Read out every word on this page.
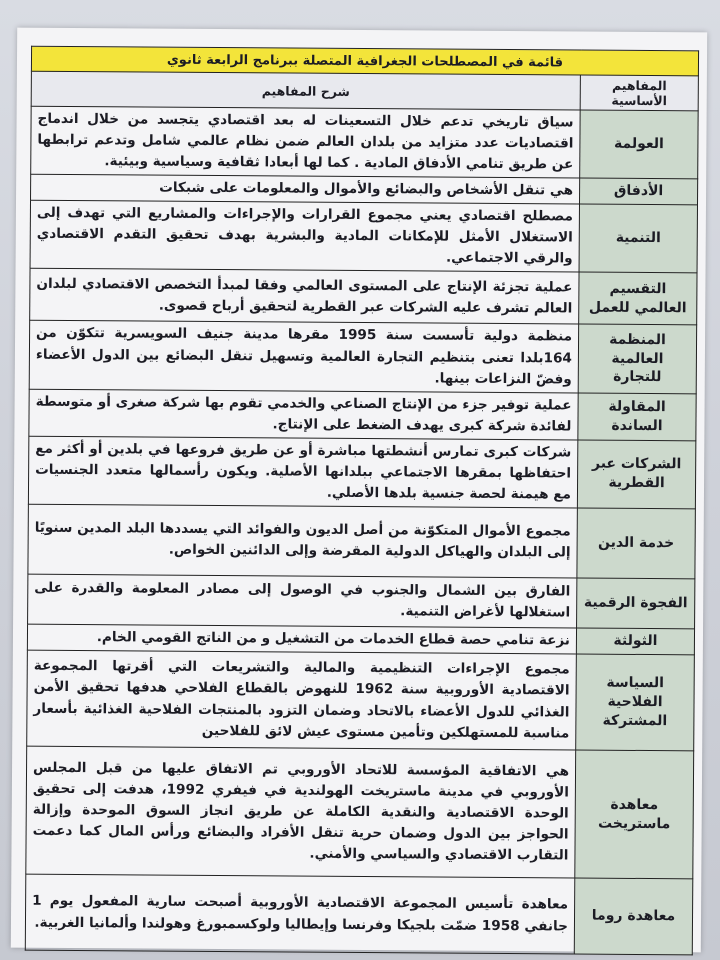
قائمة في المصطلحات الجغرافية المتصلة ببرنامج الرابعة ثانوي	
المفاهيم الأساسية	شرح المفاهيم
العولمة	سياق تاريخي تدعم خلال التسعينات له بعد اقتصادي يتجسد من خلال اندماج اقتصاديات عدد متزايد من بلدان العالم ضمن نظام عالمي شامل وتدعم ترابطها عن طريق تنامي الأدفاق المادية . كما لها أبعادا ثقافية وسياسية وبيئية.
الأدفاق	هي تنقل الأشخاص والبضائع والأموال والمعلومات على شبكات
التنمية	مصطلح اقتصادي يعني مجموع القرارات والإجراءات والمشاريع التي تهدف إلى الاستغلال الأمثل للإمكانات المادية والبشرية بهدف تحقيق التقدم الاقتصادي والرقي الاجتماعي.
التقسيم العالمي للعمل	عملية تجزئة الإنتاج على المستوى العالمي وفقا لمبدأ التخصص الاقتصادي لبلدان العالم تشرف عليه الشركات عبر القطرية لتحقيق أرباح قصوى.
المنظمة العالمية للتجارة	منظمة دولية تأسست سنة 1995 مقرها مدينة جنيف السويسرية تتكوّن من 164بلدا تعنى بتنظيم التجارة العالمية وتسهيل تنقل البضائع بين الدول الأعضاء وفضّ النزاعات بينها.
المقاولة الساندة	عملية توفير جزء من الإنتاج الصناعي والخدمي تقوم بها شركة صغرى أو متوسطة لفائدة شركة كبرى يهدف الضغط على الإنتاج.
الشركات عبر القطرية	شركات كبرى تمارس أنشطتها مباشرة أو عن طريق فروعها في بلدين أو أكثر مع احتفاظها بمقرها الاجتماعي ببلدانها الأصلية. ويكون رأسمالها متعدد الجنسيات مع هيمنة لحصة جنسية بلدها الأصلي.
خدمة الدين	مجموع الأموال المتكوّنة من أصل الديون والفوائد التي يسددها البلد المدين سنويًا إلى البلدان والهياكل الدولية المقرضة وإلى الدائنين الخواص.
الفجوة الرقمية	الفارق بين الشمال والجنوب في الوصول إلى مصادر المعلومة والقدرة على استغلالها لأغراض التنمية.
الثولثة	نزعة تنامي حصة قطاع الخدمات من التشغيل و من الناتج القومي الخام.
السياسة الفلاحية المشتركة	مجموع الإجراءات التنظيمية والمالية والتشريعات التي أقرتها المجموعة الاقتصادية الأوروبية سنة 1962 للنهوض بالقطاع الفلاحي هدفها تحقيق الأمن الغذائي للدول الأعضاء بالاتحاد وضمان التزود بالمنتجات الفلاحية الغذائية بأسعار مناسبة للمستهلكين وتأمين مستوى عيش لائق للفلاحين
معاهدة ماستريخت	هي الاتفاقية المؤسسة للاتحاد الأوروبي تم الاتفاق عليها من قبل المجلس الأوروبي في مدينة ماستريخت الهولندية في فيفري 1992، هدفت إلى تحقيق الوحدة الاقتصادية والنقدية الكاملة عن طريق انجاز السوق الموحدة وإزالة الحواجز بين الدول وضمان حرية تنقل الأفراد والبضائع ورأس المال كما دعمت التقارب الاقتصادي والسياسي والأمني.
معاهدة روما	معاهدة تأسيس المجموعة الاقتصادية الأوروبية أصبحت سارية المفعول يوم 1 جانفي 1958 ضمّت بلجيكا وفرنسا وإيطاليا ولوكسمبورغ وهولندا وألمانيا الغربية.
